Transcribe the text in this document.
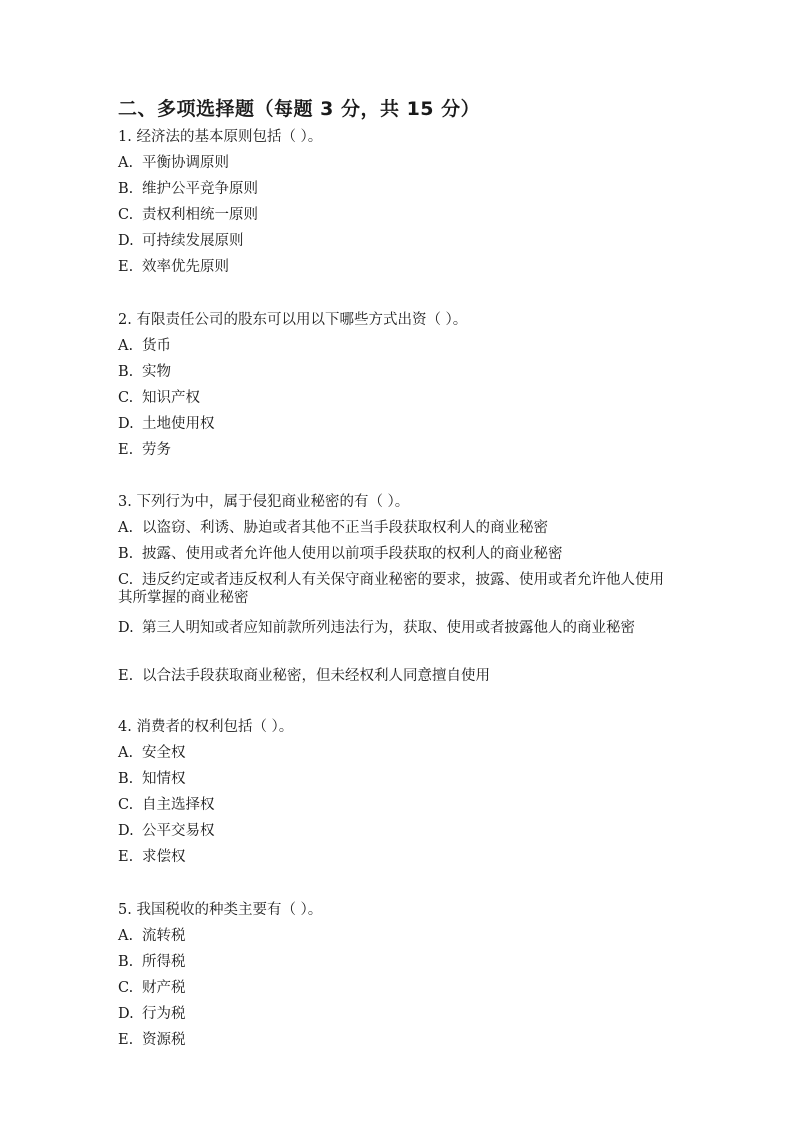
二、多项选择题（每题 3 分，共 15 分）

1. 经济法的基本原则包括（ ）。

A. 平衡协调原则

B. 维护公平竞争原则

C. 责权利相统一原则

D. 可持续发展原则

E. 效率优先原则

2. 有限责任公司的股东可以用以下哪些方式出资（ ）。

A. 货币

B. 实物

C. 知识产权

D. 土地使用权

E. 劳务

3. 下列行为中，属于侵犯商业秘密的有（ ）。

A. 以盗窃、利诱、胁迫或者其他不正当手段获取权利人的商业秘密

B. 披露、使用或者允许他人使用以前项手段获取的权利人的商业秘密

C. 违反约定或者违反权利人有关保守商业秘密的要求，披露、使用或者允许他人使用其所掌握的商业秘密

D. 第三人明知或者应知前款所列违法行为，获取、使用或者披露他人的商业秘密

E. 以合法手段获取商业秘密，但未经权利人同意擅自使用

4. 消费者的权利包括（ ）。

A. 安全权

B. 知情权

C. 自主选择权

D. 公平交易权

E. 求偿权

5. 我国税收的种类主要有（ ）。

A. 流转税

B. 所得税

C. 财产税

D. 行为税

E. 资源税
